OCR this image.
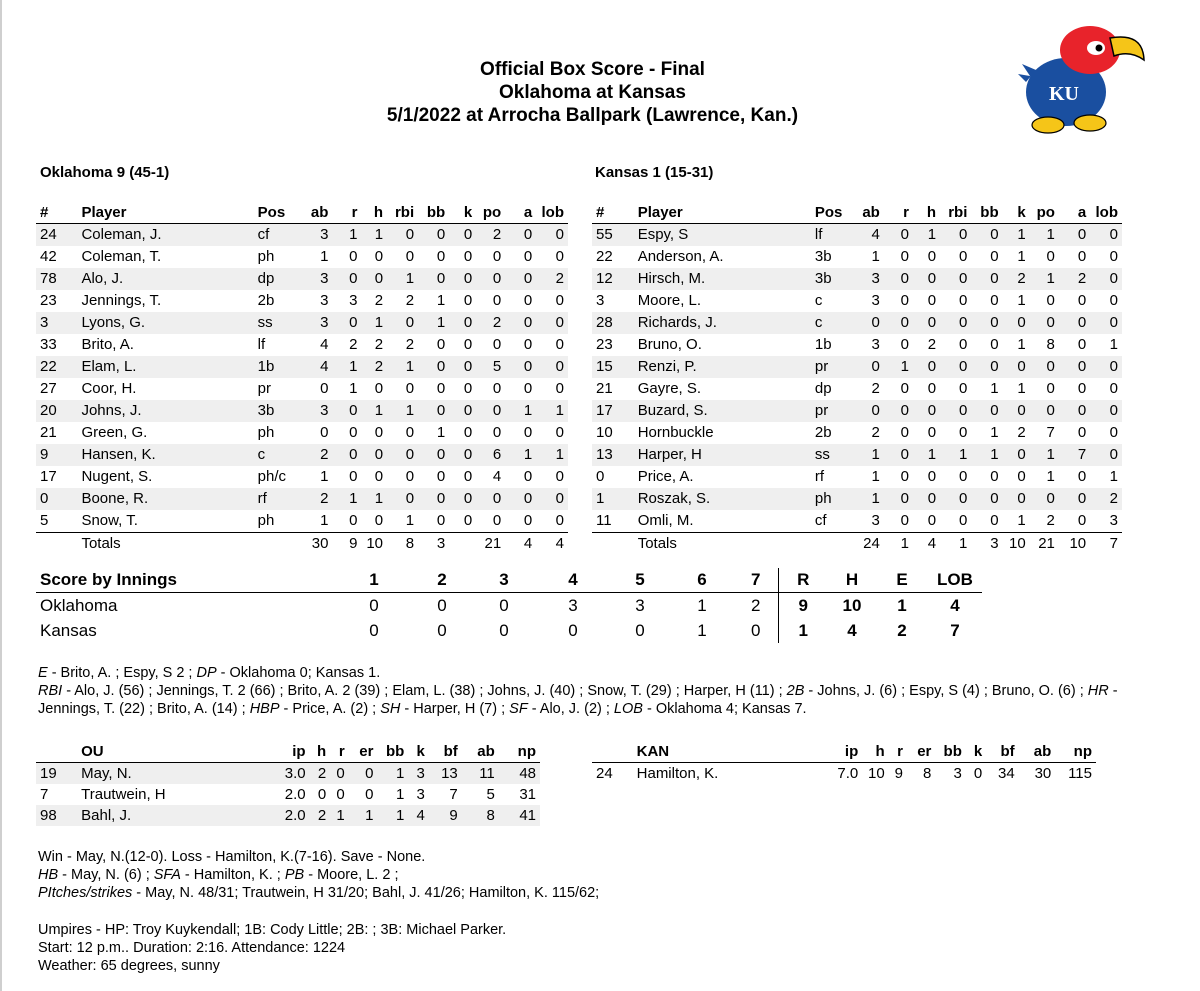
Official Box Score - Final
Oklahoma at Kansas
5/1/2022 at Arrocha Ballpark (Lawrence, Kan.)
KU
Oklahoma 9 (45-1)	Kansas 1 (15-31)
#	Player	Pos	ab	r	h	rbi	bb	k	po	a	lob
24	Coleman, J.	cf	3	1	1	0	0	0	2	0	0
42	Coleman, T.	ph	1	0	0	0	0	0	0	0	0
78	Alo, J.	dp	3	0	0	1	0	0	0	0	2
23	Jennings, T.	2b	3	3	2	2	1	0	0	0	0
3	Lyons, G.	ss	3	0	1	0	1	0	2	0	0
33	Brito, A.	lf	4	2	2	2	0	0	0	0	0
22	Elam, L.	1b	4	1	2	1	0	0	5	0	0
27	Coor, H.	pr	0	1	0	0	0	0	0	0	0
20	Johns, J.	3b	3	0	1	1	0	0	0	1	1
21	Green, G.	ph	0	0	0	0	1	0	0	0	0
9	Hansen, K.	c	2	0	0	0	0	0	6	1	1
17	Nugent, S.	ph/c	1	0	0	0	0	0	4	0	0
0	Boone, R.	rf	2	1	1	0	0	0	0	0	0
5	Snow, T.	ph	1	0	0	1	0	0	0	0	0
	Totals		30	9	10	8	3		21	4	4
#	Player	Pos	ab	r	h	rbi	bb	k	po	a	lob
55	Espy, S	lf	4	0	1	0	0	1	1	0	0
22	Anderson, A.	3b	1	0	0	0	0	1	0	0	0
12	Hirsch, M.	3b	3	0	0	0	0	2	1	2	0
3	Moore, L.	c	3	0	0	0	0	1	0	0	0
28	Richards, J.	c	0	0	0	0	0	0	0	0	0
23	Bruno, O.	1b	3	0	2	0	0	1	8	0	1
15	Renzi, P.	pr	0	1	0	0	0	0	0	0	0
21	Gayre, S.	dp	2	0	0	0	1	1	0	0	0
17	Buzard, S.	pr	0	0	0	0	0	0	0	0	0
10	Hornbuckle	2b	2	0	0	0	1	2	7	0	0
13	Harper, H	ss	1	0	1	1	1	0	1	7	0
0	Price, A.	rf	1	0	0	0	0	0	1	0	1
1	Roszak, S.	ph	1	0	0	0	0	0	0	0	2
11	Omli, M.	cf	3	0	0	0	0	1	2	0	3
	Totals		24	1	4	1	3	10	21	10	7
Score by Innings	1	2	3	4	5	6	7	R	H	E	LOB
Oklahoma	0	0	0	3	3	1	2	9	10	1	4
Kansas	0	0	0	0	0	1	0	1	4	2	7
E - Brito, A. ; Espy, S 2 ; DP - Oklahoma 0; Kansas 1.
RBI - Alo, J. (56) ; Jennings, T. 2 (66) ; Brito, A. 2 (39) ; Elam, L. (38) ; Johns, J. (40) ; Snow, T. (29) ; Harper, H (11) ; 2B - Johns, J. (6) ; Espy, S (4) ; Bruno, O. (6) ; HR - Jennings, T. (22) ; Brito, A. (14) ; HBP - Price, A. (2) ; SH - Harper, H (7) ; SF - Alo, J. (2) ; LOB - Oklahoma 4; Kansas 7.
	OU	ip	h	r	er	bb	k	bf	ab	np
19	May, N.	3.0	2	0	0	1	3	13	11	48
7	Trautwein, H	2.0	0	0	0	1	3	7	5	31
98	Bahl, J.	2.0	2	1	1	1	4	9	8	41
	KAN	ip	h	r	er	bb	k	bf	ab	np
24	Hamilton, K.	7.0	10	9	8	3	0	34	30	115
Win - May, N.(12-0). Loss - Hamilton, K.(7-16). Save - None.
HB - May, N. (6) ; SFA - Hamilton, K. ; PB - Moore, L. 2 ;
PItches/strikes - May, N. 48/31; Trautwein, H 31/20; Bahl, J. 41/26; Hamilton, K. 115/62;
Umpires - HP: Troy Kuykendall; 1B: Cody Little; 2B: ; 3B: Michael Parker.
Start: 12 p.m.. Duration: 2:16. Attendance: 1224
Weather: 65 degrees, sunny
